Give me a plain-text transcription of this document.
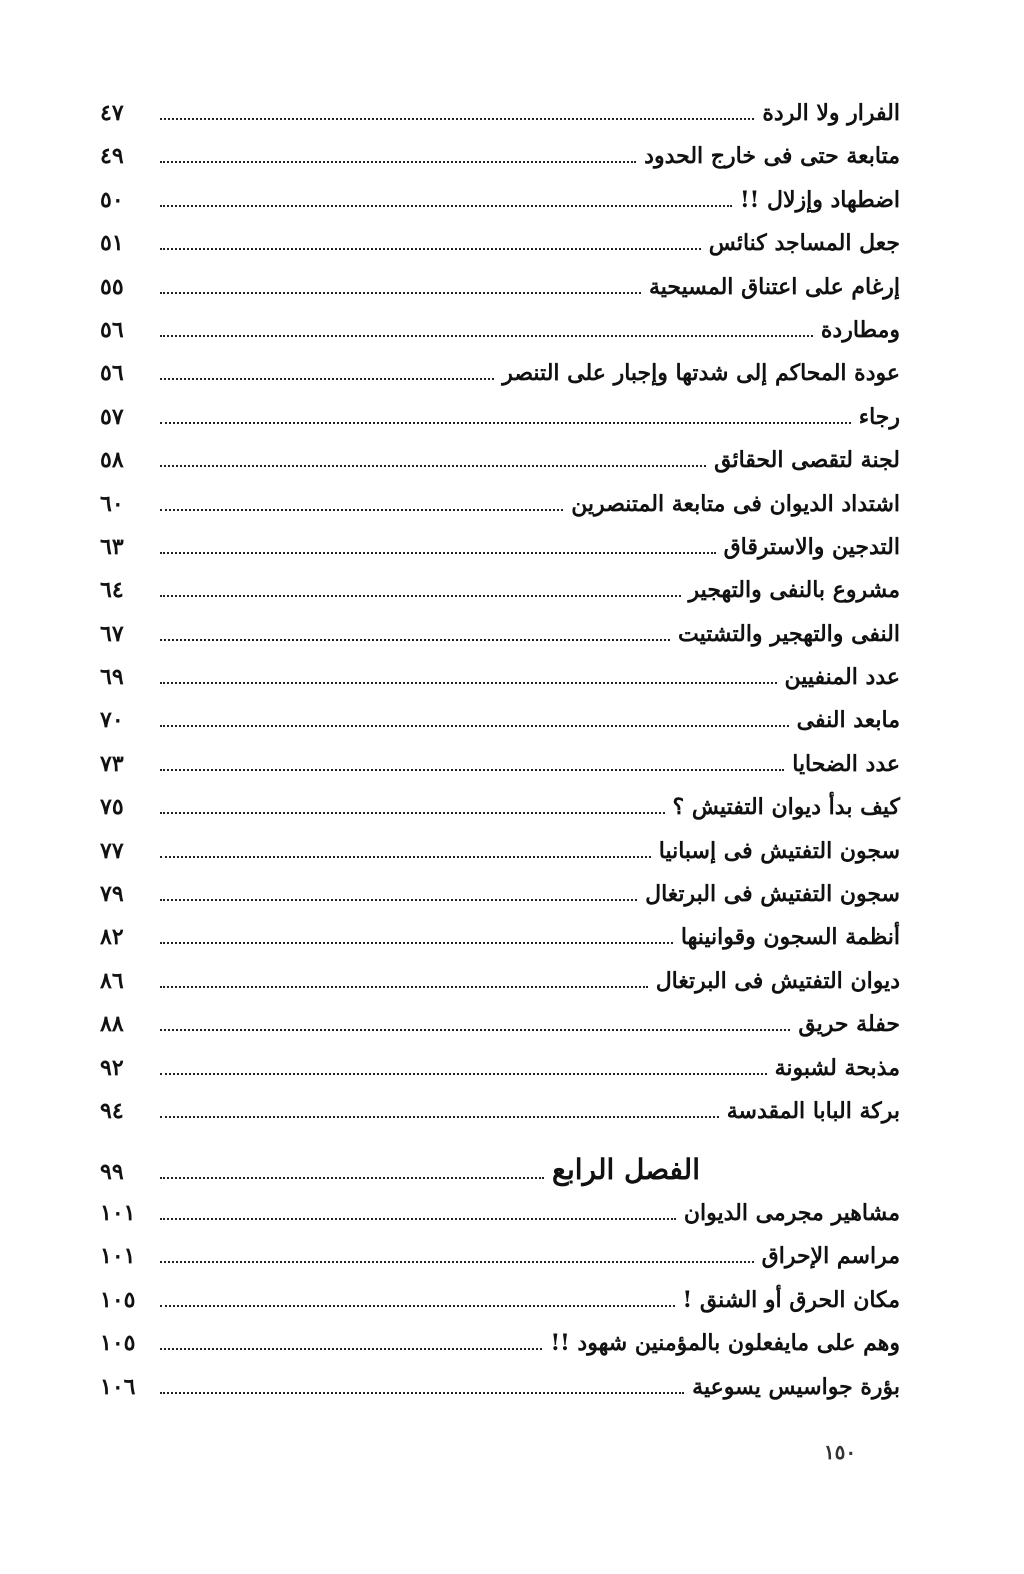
الفرار ولا الردة
٤٧
متابعة حتى فى خارج الحدود
٤٩
اضطهاد وإزلال !!
٥٠
جعل المساجد كنائس
٥١
إرغام على اعتناق المسيحية
٥٥
ومطاردة
٥٦
عودة المحاكم إلى شدتها وإجبار على التنصر
٥٦
رجاء
٥٧
لجنة لتقصى الحقائق
٥٨
اشتداد الديوان فى متابعة المتنصرين
٦٠
التدجين والاسترقاق
٦٣
مشروع بالنفى والتهجير
٦٤
النفى والتهجير والتشتيت
٦٧
عدد المنفيين
٦٩
مابعد النفى
٧٠
عدد الضحايا
٧٣
كيف بدأ ديوان التفتيش ؟
٧٥
سجون التفتيش فى إسبانيا
٧٧
سجون التفتيش فى البرتغال
٧٩
أنظمة السجون وقوانينها
٨٢
ديوان التفتيش فى البرتغال
٨٦
حفلة حريق
٨٨
مذبحة لشبونة
٩٢
بركة البابا المقدسة
٩٤
الفصل الرابع
٩٩
مشاهير مجرمى الديوان
١٠١
مراسم الإحراق
١٠١
مكان الحرق أو الشنق !
١٠٥
وهم على مايفعلون بالمؤمنين شهود !!
١٠٥
بؤرة جواسيس يسوعية
١٠٦
١٥٠
